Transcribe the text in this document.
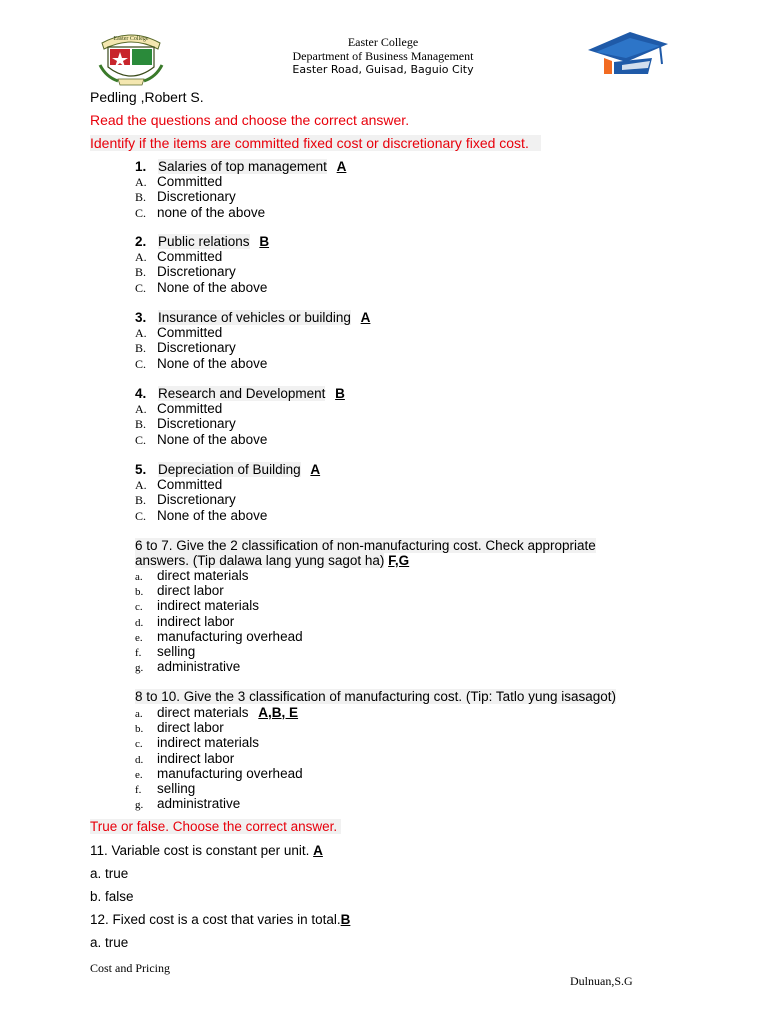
Easter College	Easter College
Department of Business Management
Easter Road, Guisad, Baguio City
Pedling ,Robert S.
Read the questions and choose the correct answer.
Identify if the items are committed fixed cost or discretionary fixed cost.
1. Salaries of top management A
A. Committed
B. Discretionary
C. none of the above
2. Public relations B
A. Committed
B. Discretionary
C. None of the above
3. Insurance of vehicles or building A
A. Committed
B. Discretionary
C. None of the above
4. Research and Development B
A. Committed
B. Discretionary
C. None of the above
5. Depreciation of Building A
A. Committed
B. Discretionary
C. None of the above
6 to 7. Give the 2 classification of non-manufacturing cost. Check appropriate
answers. (Tip dalawa lang yung sagot ha) F,G
a. direct materials
b. direct labor
c. indirect materials
d. indirect labor
e. manufacturing overhead
f. selling
g. administrative
8 to 10. Give the 3 classification of manufacturing cost. (Tip: Tatlo yung isasagot)
a. direct materials A,B, E
b. direct labor
c. indirect materials
d. indirect labor
e. manufacturing overhead
f. selling
g. administrative
True or false. Choose the correct answer.
11. Variable cost is constant per unit. A
a. true
b. false
12. Fixed cost is a cost that varies in total.B
a. true
Cost and Pricing
Dulnuan,S.G
